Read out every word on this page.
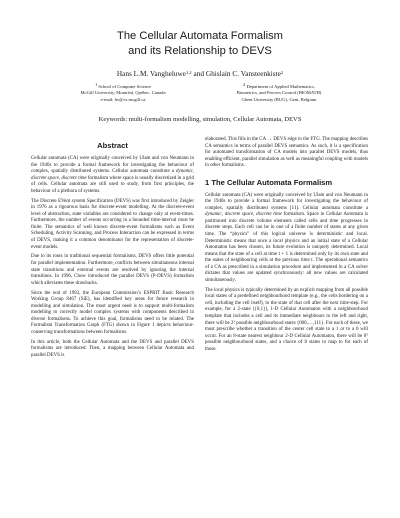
The Cellular Automata Formalism
and its Relationship to DEVS
Hans L.M. Vangheluwe$^{1,2}$ and Ghislain C. Vansteenkiste$^2$
$^1$ School of Computer Science
McGill University, Montréal, Québec, Canada
e-mail: hv@cs.mcgill.ca
$^2$ Department of Applied Mathematics,
Biometrics, and Process Control (BIOMATH)
Ghent University (RUG), Gent, Belgium
Keywords: multi-formalism modelling, simulation, Cellular Automata, DEVS
Abstract

Cellular automata (CA) were originally conceived by Ulam and von Neumann in the 1940s to provide a formal framework for investigating the behaviour of complex, spatially distributed systems. Cellular automata constitute a dynamic, discrete space, discrete time formalism where space is usually discretized in a grid of cells. Cellular automata are still used to study, from first principles, the behaviour of a plethora of systems.

The Discrete EVent system Specification (DEVS) was first introduced by Zeigler in 1976 as a rigourous basis for discrete-event modelling. At the discrete-event level of abstraction, state variables are considered to change only at event-times. Furthermore, the number of events occurring in a bounded time-interval must be finite. The semantics of well known discrete-event formalisms such as Event Scheduling, Activity Scanning, and Process Interaction can be expressed in terms of DEVS, making it a common denominator for the representation of discrete-event models.

Due to its roots in traditional sequential formalisms, DEVS offers little potential for parallel implementation. Furthermore, conflicts between simultaneous internal state transitions and external events are resolved by ignoring the internal transitions. In 1996, Chow introduced the parallel DEVS (P-DEVS) formalism which alleviates these drawbacks.

Since the end of 1993, the European Commission’s ESPRIT Basic Research Working Group 8467 (SiE), has identified key areas for future research in modelling and simulation. The most urgent need is to support multi-formalism modelling to correctly model complex systems with components described in diverse formalisms. To achieve this goal, formalisms need to be related. The Formalism Transformation Graph (FTG) shown in Figure 1 depicts behaviour-conserving transformations between formalisms.

In this article, both the Cellular Automata and the DEVS and parallel DEVS formalisms are introduced. Then, a mapping between Cellular Automata and parallel DEVS is

elaborated. This fills in the CA → DEVS edge in the FTG. The mapping describes CA semantics in terms of parallel DEVS semantics. As such, it is a specification for automated transformation of CA models into parallel DEVS models, thus enabling efficient, parallel simulation as well as meaningful coupling with models in other formalisms.

1 The Cellular Automata Formalism

Cellular automata (CA) were originally conceived by Ulam and von Neumann in the 1940s to provide a formal framework for investigating the behaviour of complex, spatially distributed systems [11]. Cellular automata constitute a dynamic, discrete space, discrete time formalism. Space in Cellular Automata is partitioned into discrete volume elements called cells and time progresses in discrete steps. Each cell can be in one of a finite number of states at any given time. The “physics” of this logical universe is deterministic and local. Deterministic means that once a local physics and an initial state of a Cellular Automaton has been chosen, its future evolution is uniquely determined. Local means that the state of a cell at time t + 1 is determined only by its own state and the states of neighbouring cells at the previous time t. The operational semantics of a CA as prescribed in a simulation procedure and implemented in a CA solver dictates that values are updated synchronously: all new values are calculated simultaneously.

The local physics is typically determined by an explicit mapping from all possible local states of a predefined neighbourhood template (e.g., the cells bordering on a cell, including the cell itself), to the state of that cell after the next time-step. For example, for a 2-state ({0,1}), 1-D Cellular Automaton with a neighbourhood template that includes a cell and its immediate neighbours to the left and right, there will be 2³ possible neighbourhood states {000,…,111}. For each of these, we must prescribe whether a transition of the center cell state to a 1 or to a 0 will occur. For an 8-state nearest neighbour 2-D Cellular Automaton, there will be 8⁵ possible neighbourhood states, and a choice of 8 states to map to for each of those.
